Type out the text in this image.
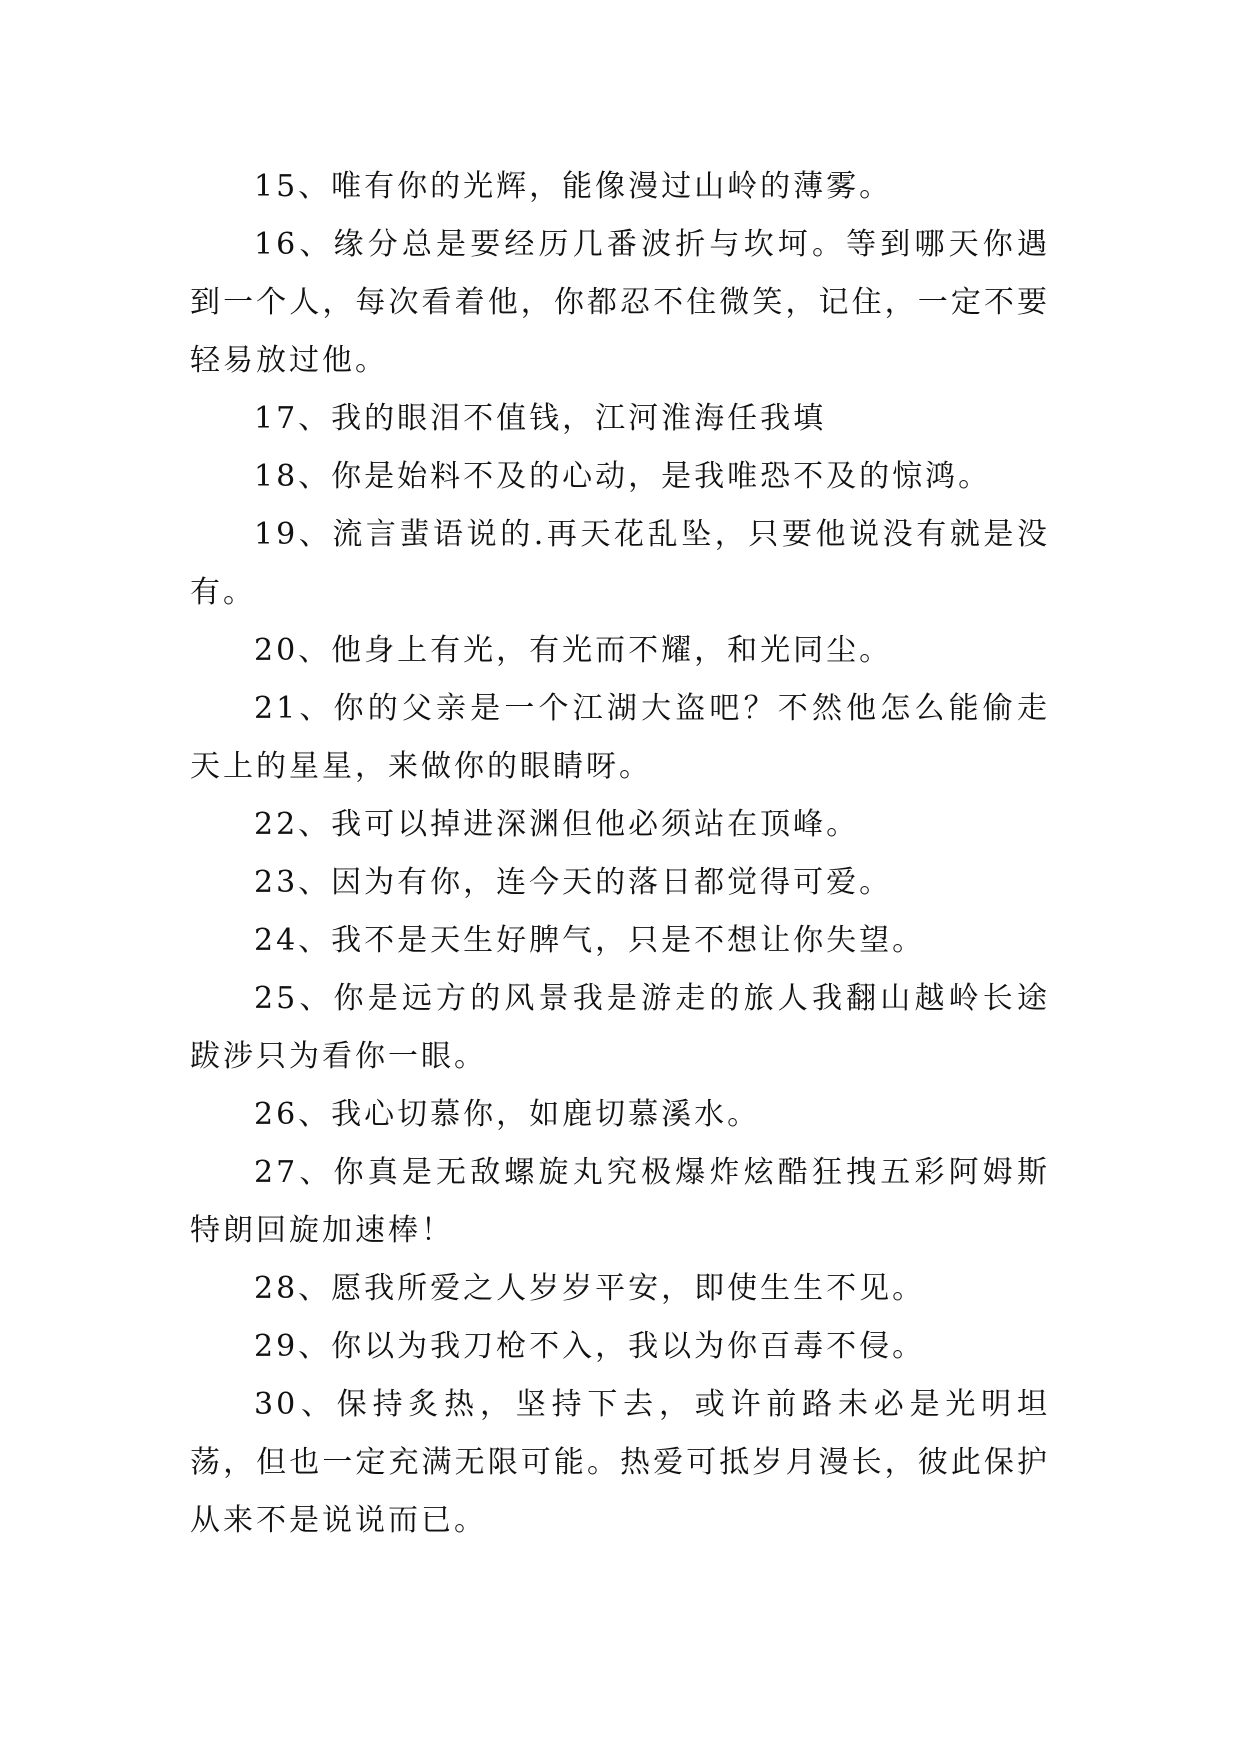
15、唯有你的光辉，能像漫过山岭的薄雾。

16、缘分总是要经历几番波折与坎坷。等到哪天你遇到一个人，每次看着他，你都忍不住微笑，记住，一定不要轻易放过他。

17、我的眼泪不值钱，江河淮海任我填

18、你是始料不及的心动，是我唯恐不及的惊鸿。

19、流言蜚语说的.再天花乱坠，只要他说没有就是没有。

20、他身上有光，有光而不耀，和光同尘。

21、你的父亲是一个江湖大盗吧？不然他怎么能偷走天上的星星，来做你的眼睛呀。

22、我可以掉进深渊但他必须站在顶峰。

23、因为有你，连今天的落日都觉得可爱。

24、我不是天生好脾气，只是不想让你失望。

25、你是远方的风景我是游走的旅人我翻山越岭长途跋涉只为看你一眼。

26、我心切慕你，如鹿切慕溪水。

27、你真是无敌螺旋丸究极爆炸炫酷狂拽五彩阿姆斯特朗回旋加速棒！

28、愿我所爱之人岁岁平安，即使生生不见。

29、你以为我刀枪不入，我以为你百毒不侵。

30、保持炙热，坚持下去，或许前路未必是光明坦荡，但也一定充满无限可能。热爱可抵岁月漫长，彼此保护从来不是说说而已。
